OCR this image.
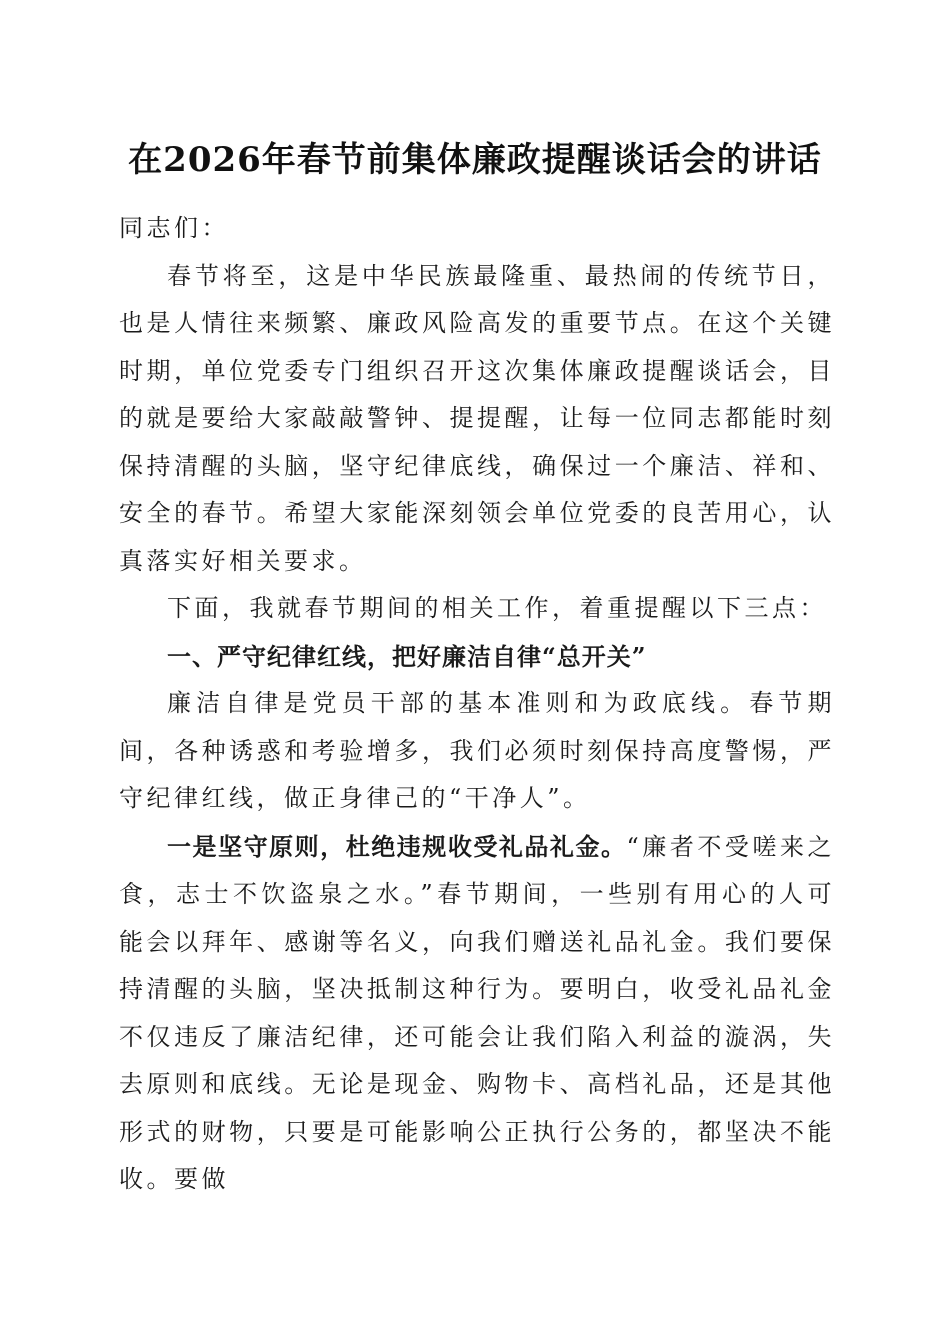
在2026年春节前集体廉政提醒谈话会的讲话

同志们：

春节将至，这是中华民族最隆重、最热闹的传统节日，也是人情往来频繁、廉政风险高发的重要节点。在这个关键时期，单位党委专门组织召开这次集体廉政提醒谈话会，目的就是要给大家敲敲警钟、提提醒，让每一位同志都能时刻保持清醒的头脑，坚守纪律底线，确保过一个廉洁、祥和、安全的春节。希望大家能深刻领会单位党委的良苦用心，认真落实好相关要求。

下面，我就春节期间的相关工作，着重提醒以下三点：

一、严守纪律红线，把好廉洁自律“总开关”

廉洁自律是党员干部的基本准则和为政底线。春节期间，各种诱惑和考验增多，我们必须时刻保持高度警惕，严守纪律红线，做正身律己的“干净人”。

一是坚守原则，杜绝违规收受礼品礼金。“廉者不受嗟来之食，志士不饮盗泉之水。”春节期间，一些别有用心的人可能会以拜年、感谢等名义，向我们赠送礼品礼金。我们要保持清醒的头脑，坚决抵制这种行为。要明白，收受礼品礼金不仅违反了廉洁纪律，还可能会让我们陷入利益的漩涡，失去原则和底线。无论是现金、购物卡、高档礼品，还是其他形式的财物，只要是可能影响公正执行公务的，都坚决不能收。要做
